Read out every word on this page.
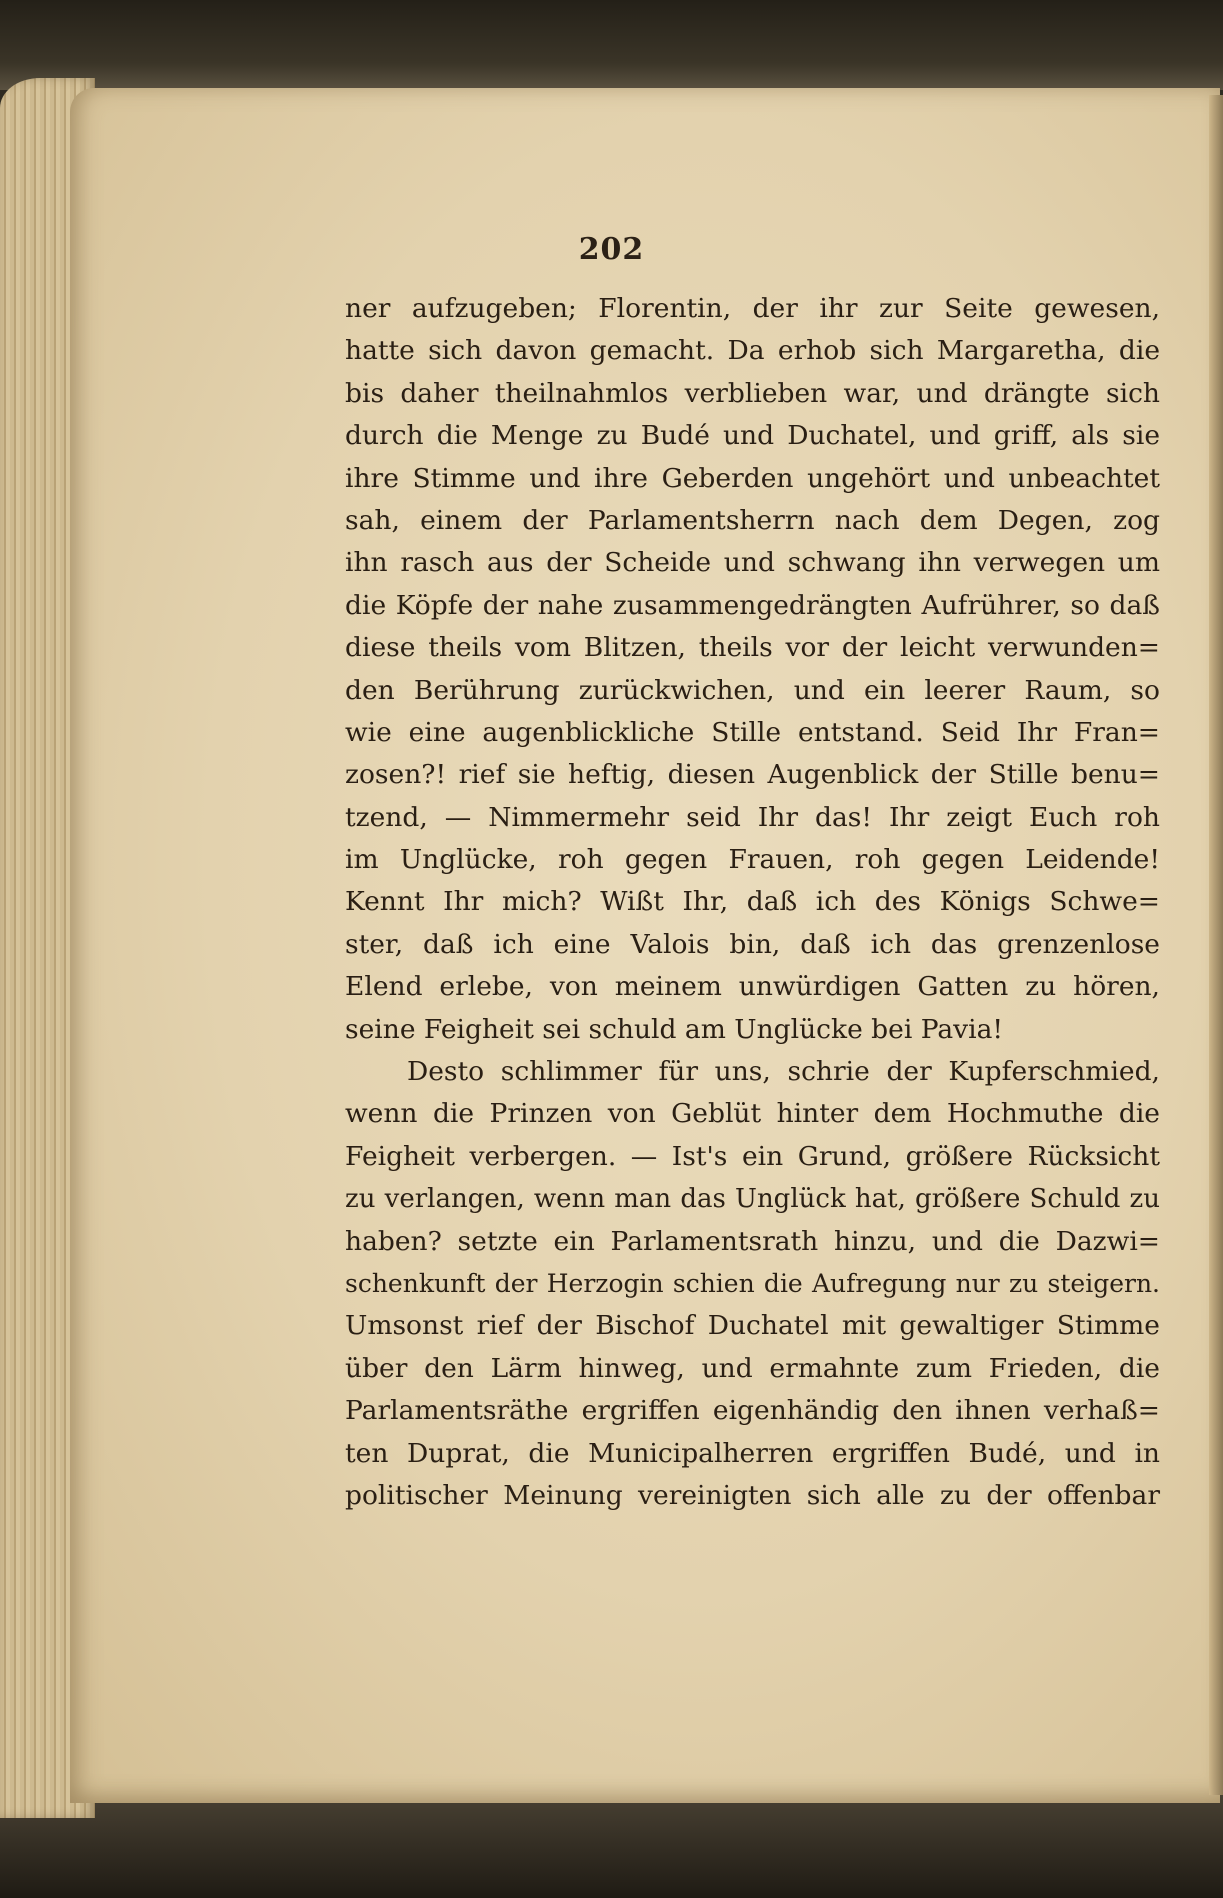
202
ner aufzugeben; Florentin, der ihr zur Seite gewesen,
hatte sich davon gemacht. Da erhob sich Margaretha, die
bis daher theilnahmlos verblieben war, und drängte sich
durch die Menge zu Budé und Duchatel, und griff, als sie
ihre Stimme und ihre Geberden ungehört und unbeachtet
sah, einem der Parlamentsherrn nach dem Degen, zog
ihn rasch aus der Scheide und schwang ihn verwegen um
die Köpfe der nahe zusammengedrängten Aufrührer, so daß
diese theils vom Blitzen, theils vor der leicht verwunden=
den Berührung zurückwichen, und ein leerer Raum, so
wie eine augenblickliche Stille entstand. Seid Ihr Fran=
zosen?! rief sie heftig, diesen Augenblick der Stille benu=
tzend, — Nimmermehr seid Ihr das! Ihr zeigt Euch roh
im Unglücke, roh gegen Frauen, roh gegen Leidende!
Kennt Ihr mich? Wißt Ihr, daß ich des Königs Schwe=
ster, daß ich eine Valois bin, daß ich das grenzenlose
Elend erlebe, von meinem unwürdigen Gatten zu hören,
seine Feigheit sei schuld am Unglücke bei Pavia!
Desto schlimmer für uns, schrie der Kupferschmied,
wenn die Prinzen von Geblüt hinter dem Hochmuthe die
Feigheit verbergen. — Ist's ein Grund, größere Rücksicht
zu verlangen, wenn man das Unglück hat, größere Schuld zu
haben? setzte ein Parlamentsrath hinzu, und die Dazwi=
schenkunft der Herzogin schien die Aufregung nur zu steigern.
Umsonst rief der Bischof Duchatel mit gewaltiger Stimme
über den Lärm hinweg, und ermahnte zum Frieden, die
Parlamentsräthe ergriffen eigenhändig den ihnen verhaß=
ten Duprat, die Municipalherren ergriffen Budé, und in
politischer Meinung vereinigten sich alle zu der offenbar
